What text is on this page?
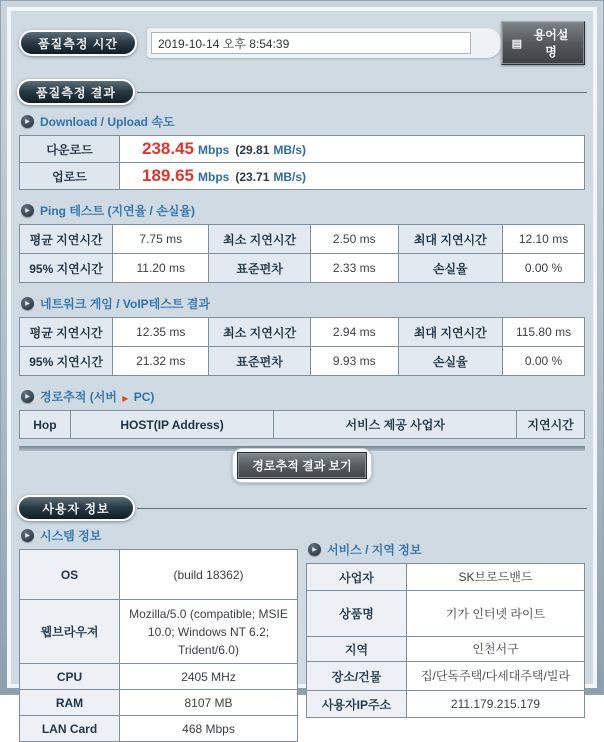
품질측정 시간
2019-10-14 오후 8:54:39	▤
용어설명
품질측정 결과
▶ Download / Upload 속도
다운로드	238.45 Mbps (29.81 MB/s)
업로드	189.65 Mbps (23.71 MB/s)
▶ Ping 테스트 (지연율 / 손실율)
평균 지연시간	7.75 ms	최소 지연시간	2.50 ms	최대 지연시간	12.10 ms
95% 지연시간	11.20 ms	표준편차	2.33 ms	손실율	0.00 %
▶ 네트워크 게임 / VoIP테스트 결과
평균 지연시간	12.35 ms	최소 지연시간	2.94 ms	최대 지연시간	115.80 ms
95% 지연시간	21.32 ms	표준편차	9.93 ms	손실율	0.00 %
▶ 경로추적 (서버 ▶ PC)
Hop	HOST(IP Address)	서비스 제공 사업자	지연시간
경로추적 결과 보기
사용자 정보
▶ 시스템 정보
OS	(build 18362)
웹브라우져	Mozilla/5.0 (compatible; MSIE 10.0; Windows NT 6.2; Trident/6.0)
CPU	2405 MHz
RAM	8107 MB
LAN Card	468 Mbps
▶ 서비스 / 지역 정보
사업자	SK브로드밴드
상품명	기가 인터넷 라이트
지역	인천서구
장소/건물	집/단독주택/다세대주택/빌라
사용자IP주소	211.179.215.179
